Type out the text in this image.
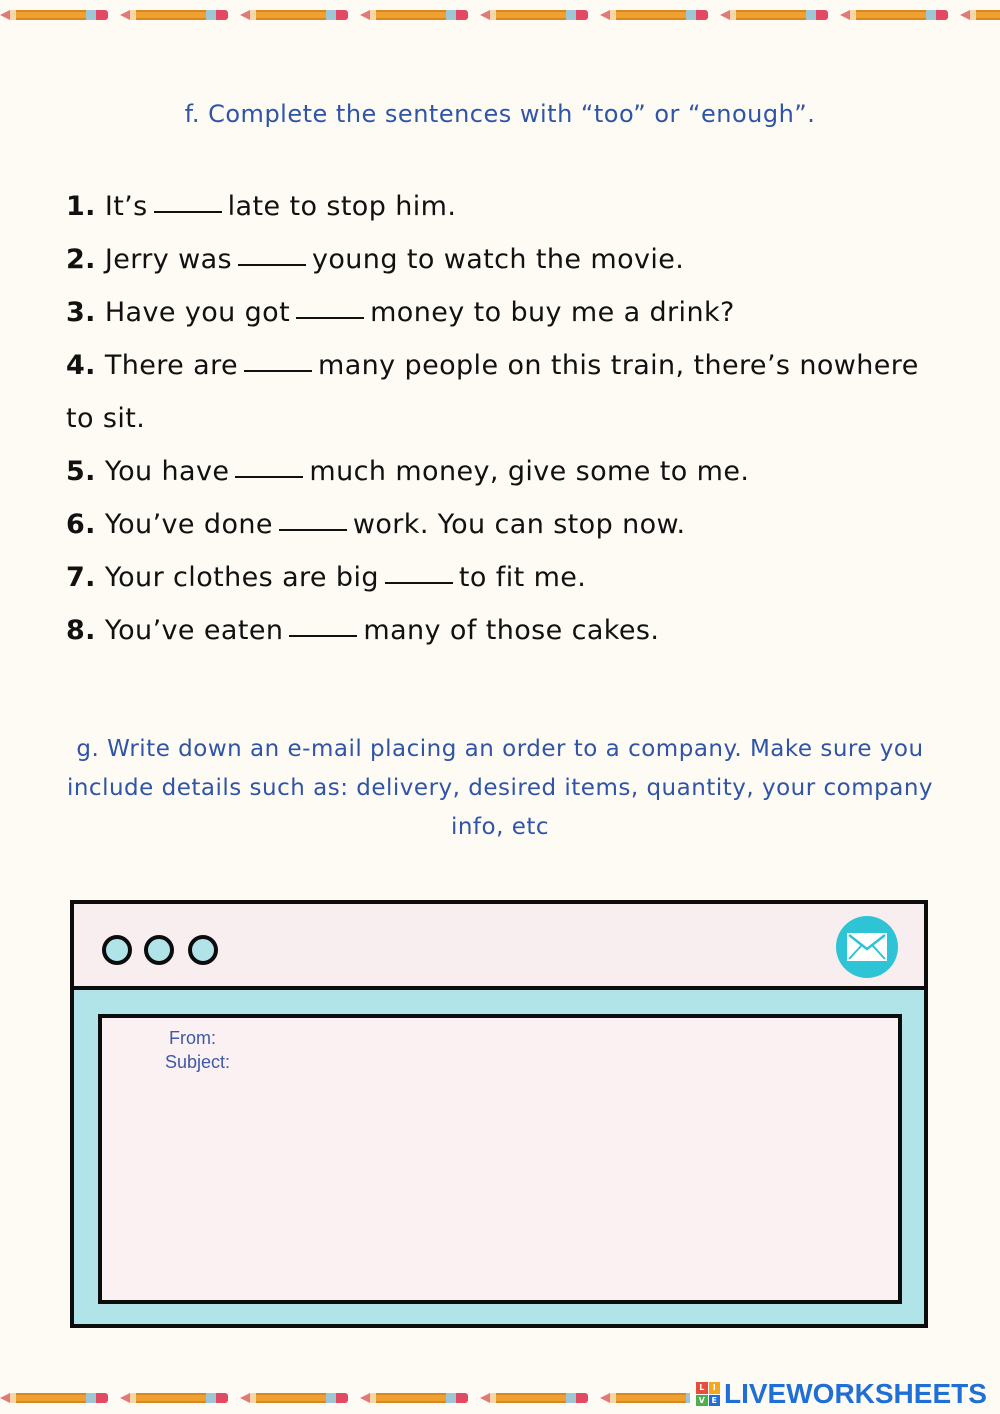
f. Complete the sentences with “too” or “enough”.
1. It’s	late to stop him.
2. Jerry was	young to watch the movie.
3. Have you got	money to buy me a drink?
4. There are	many people on this train, there’s nowhere to sit.
5. You have	much money, give some to me.
6. You’ve done	work. You can stop now.
7. Your clothes are big	to fit me.
8. You’ve eaten	many of those cakes.
g. Write down an e-mail placing an order to a company. Make sure you include details such as: delivery, desired items, quantity, your company info, etc
From:
Subject:
L	I
V E LIVEWORKSHEETS
